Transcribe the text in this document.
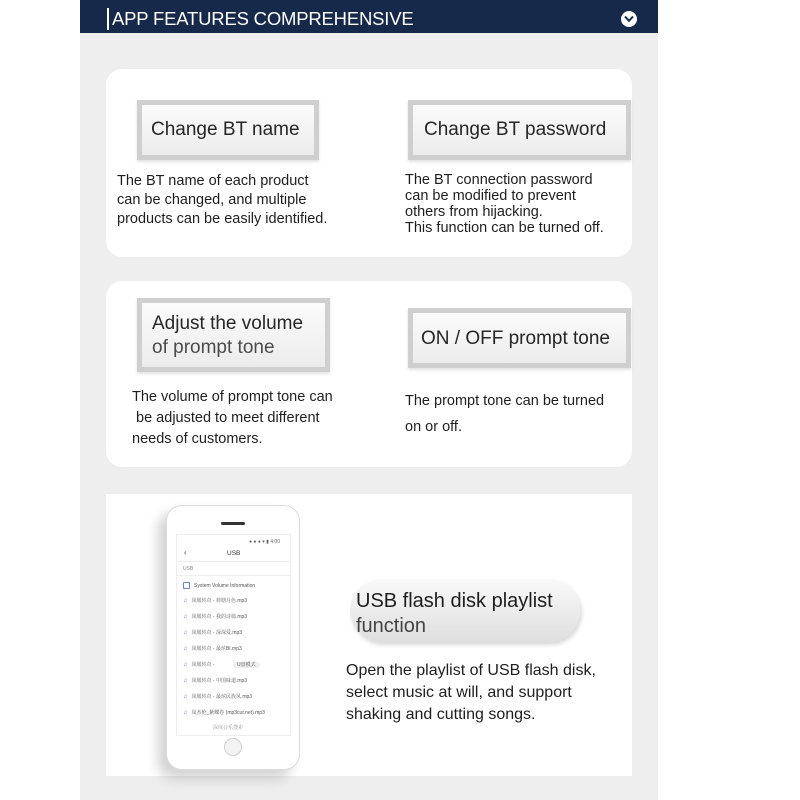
APP FEATURES COMPREHENSIVE
Change BT name
The BT name of each product
can be changed, and multiple
products can be easily identified.
Change BT password
The BT connection password
can be modified to prevent
others from hijacking.
This function can be turned off.
Adjust the volume
of prompt tone
The volume of prompt tone can
be adjusted to meet different
needs of customers.
ON / OFF prompt tone
The prompt tone can be turned
on or off.
● ● ● ▾ ▮ 4:00
‹	USB
USB
System Volume Information
♫ 凤凰传奇 - 荷塘月色.mp3
♫ 凤凰传奇 - 我的诗篇.mp3
♫ 凤凰传奇 - 深深爱.mp3
♫ 凤凰传奇 - 最炫BI.mp3
♫ 凤凰传奇 -	U盘模式
♫ 凤凰传奇 - 中国味道.mp3
♫ 凤凰传奇 - 最炫民族风.mp3
♫ 凤杰伦_紫蝶卷 (mp3cut.net).mp3
深度音乐搜索
USB flash disk playlist
function
Open the playlist of USB flash disk,
select music at will, and support
shaking and cutting songs.
